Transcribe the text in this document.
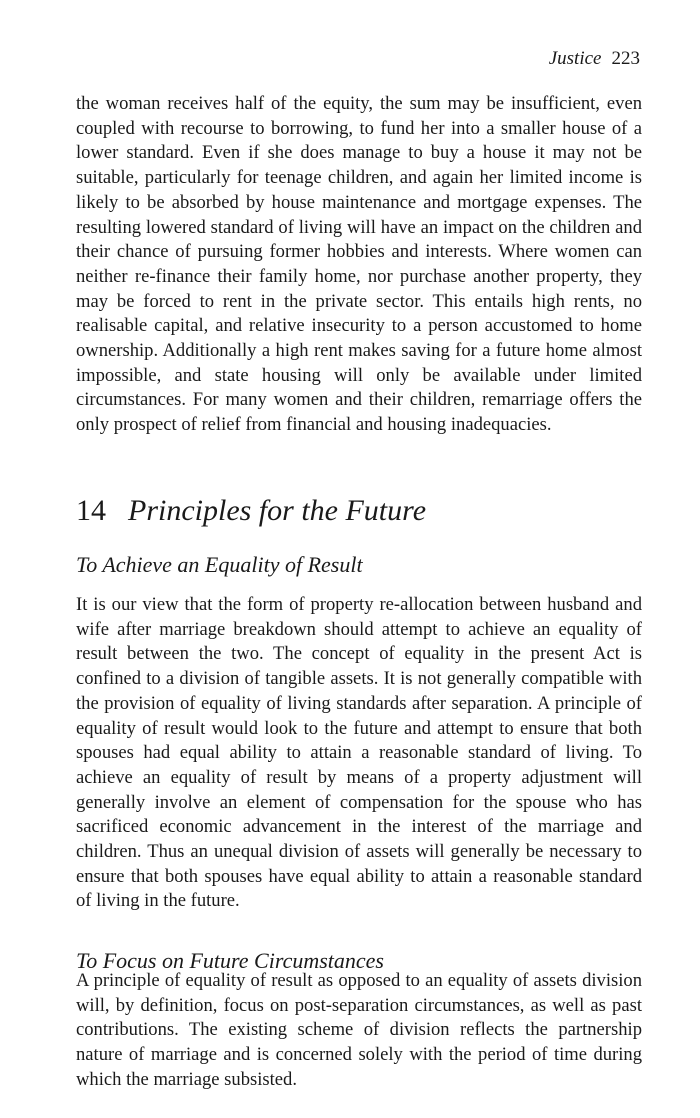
Justice 223

the woman receives half of the equity, the sum may be insufficient, even coupled with recourse to borrowing, to fund her into a smaller house of a lower standard. Even if she does manage to buy a house it may not be suitable, particularly for teenage children, and again her limited income is likely to be absorbed by house maintenance and mortgage expenses. The resulting lowered standard of living will have an impact on the children and their chance of pursuing former hobbies and interests. Where women can neither re-finance their family home, nor purchase another property, they may be forced to rent in the private sector. This entails high rents, no realisable capital, and relative insecurity to a person accustomed to home ownership. Additionally a high rent makes saving for a future home almost impossible, and state housing will only be available under limited circumstances. For many women and their children, remarriage offers the only prospect of relief from financial and housing inadequacies.

14 Principles for the Future
To Achieve an Equality of Result

It is our view that the form of property re-allocation between husband and wife after marriage breakdown should attempt to achieve an equality of result between the two. The concept of equality in the present Act is confined to a division of tangible assets. It is not generally compatible with the provision of equality of living standards after separation. A principle of equality of result would look to the future and attempt to ensure that both spouses had equal ability to attain a reasonable standard of living. To achieve an equality of result by means of a property adjustment will generally involve an element of compensation for the spouse who has sacrificed economic advancement in the interest of the marriage and children. Thus an unequal division of assets will generally be necessary to ensure that both spouses have equal ability to attain a reasonable standard of living in the future.

To Focus on Future Circumstances

A principle of equality of result as opposed to an equality of assets division will, by definition, focus on post-separation circumstances, as well as past contributions. The existing scheme of division reflects the partnership nature of marriage and is concerned solely with the period of time during which the marriage subsisted.
